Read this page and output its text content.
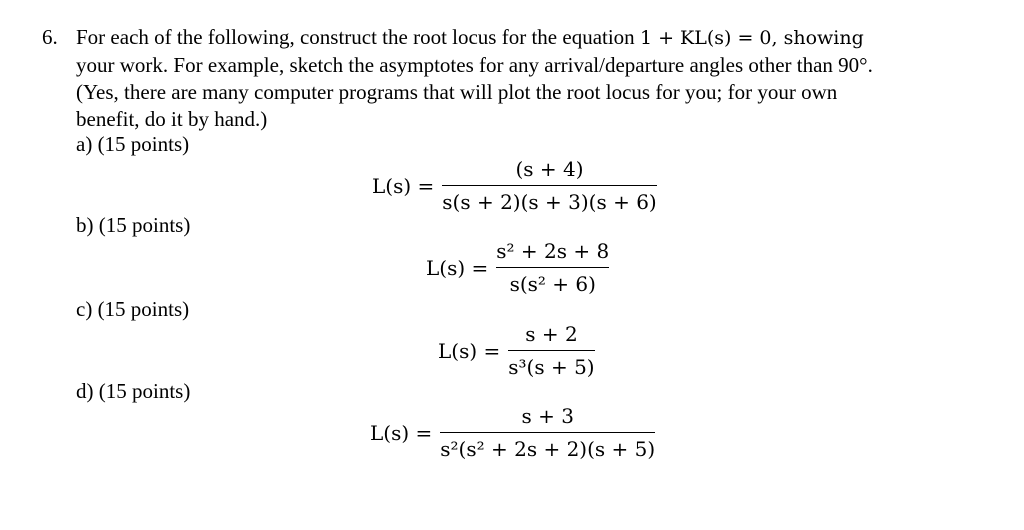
6. For each of the following, construct the root locus for the equation 1 + KL(s) = 0, showing
your work. For example, sketch the asymptotes for any arrival/departure angles other than 90°.
(Yes, there are many computer programs that will plot the root locus for you; for your own
benefit, do it by hand.)
a) (15 points)
$L(s) = \frac{(s + 4)}{s(s + 2)(s + 3)(s + 6)}$
b) (15 points)
$L(s) = \frac{\text{s² + 2s + 8}}{\text{s(s² + 6)}}$
c) (15 points)
$L(s) = \frac{s + 2}{\text{s³(s + 5)}}$
d) (15 points)
$L(s) = \frac{s + 3}{\text{s²(s² + 2s + 2)(s + 5)}}$
